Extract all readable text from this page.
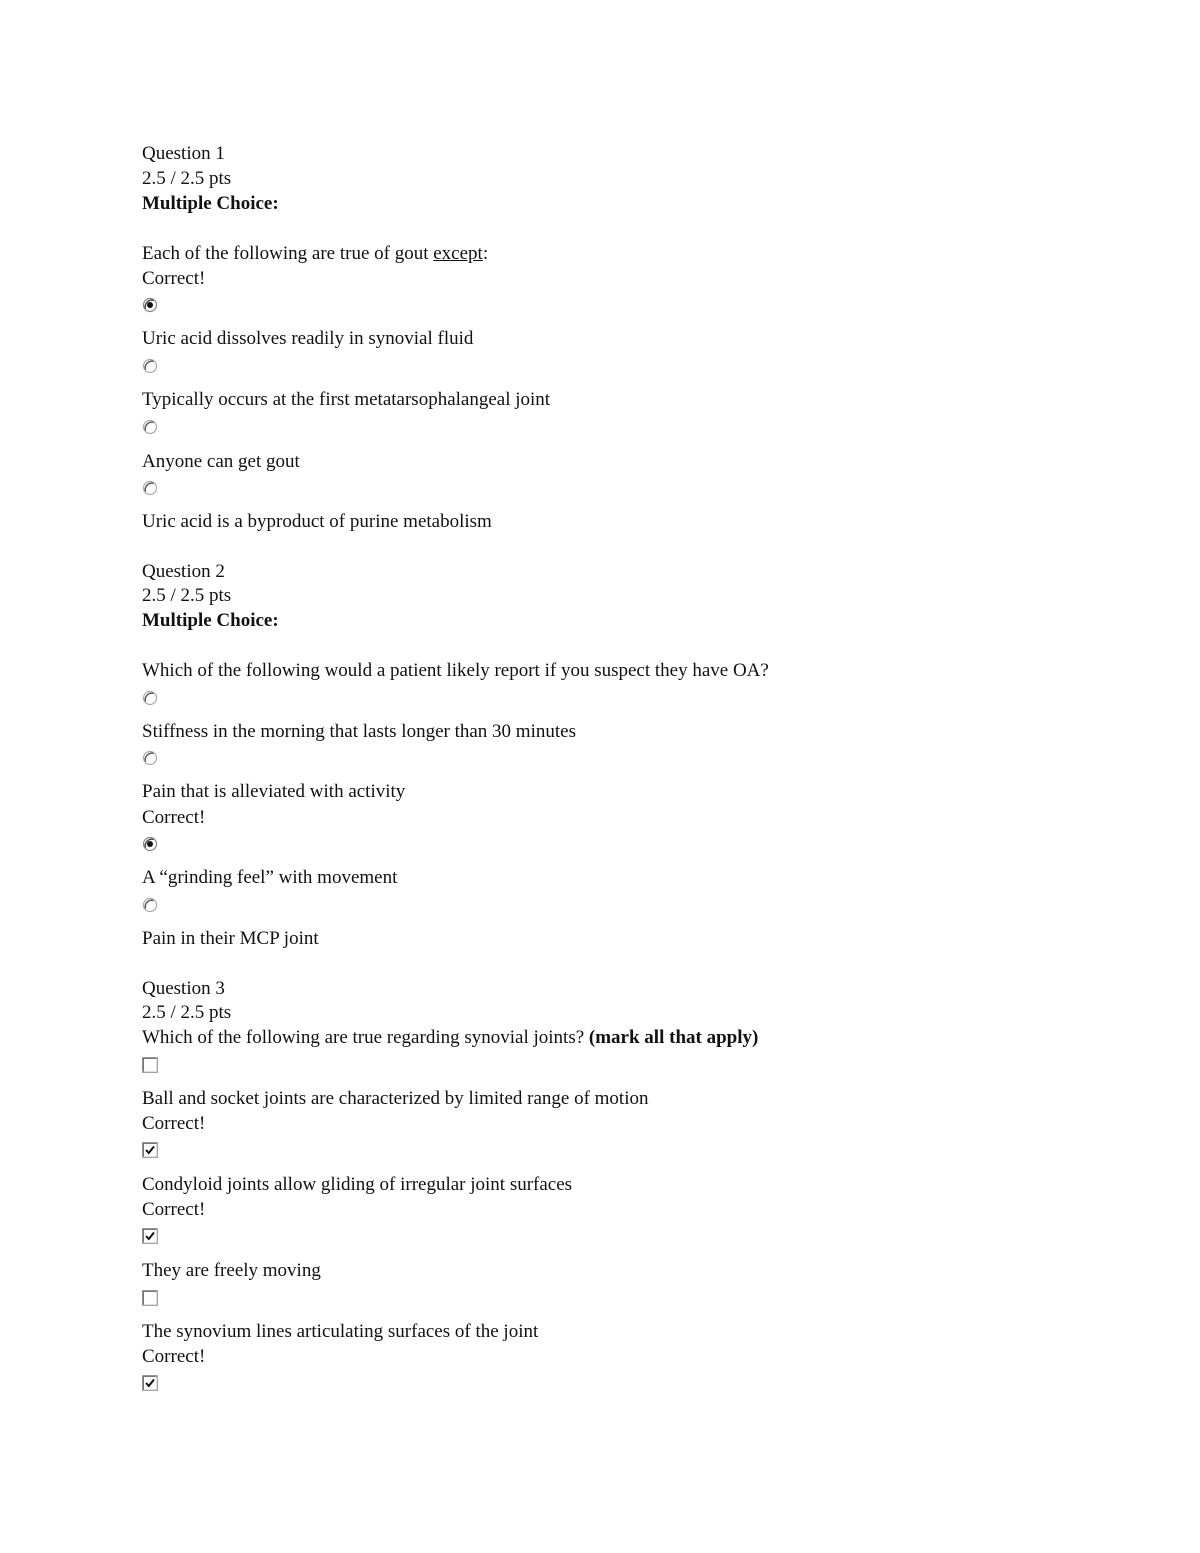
Question 1
2.5 / 2.5 pts
Multiple Choice:
Each of the following are true of gout except:
Correct!
Uric acid dissolves readily in synovial fluid
Typically occurs at the first metatarsophalangeal joint
Anyone can get gout
Uric acid is a byproduct of purine metabolism
Question 2
2.5 / 2.5 pts
Multiple Choice:
Which of the following would a patient likely report if you suspect they have OA?
Stiffness in the morning that lasts longer than 30 minutes
Pain that is alleviated with activity
Correct!
A “grinding feel” with movement
Pain in their MCP joint
Question 3
2.5 / 2.5 pts
Which of the following are true regarding synovial joints? (mark all that apply)
Ball and socket joints are characterized by limited range of motion
Correct!
Condyloid joints allow gliding of irregular joint surfaces
Correct!
They are freely moving
The synovium lines articulating surfaces of the joint
Correct!
